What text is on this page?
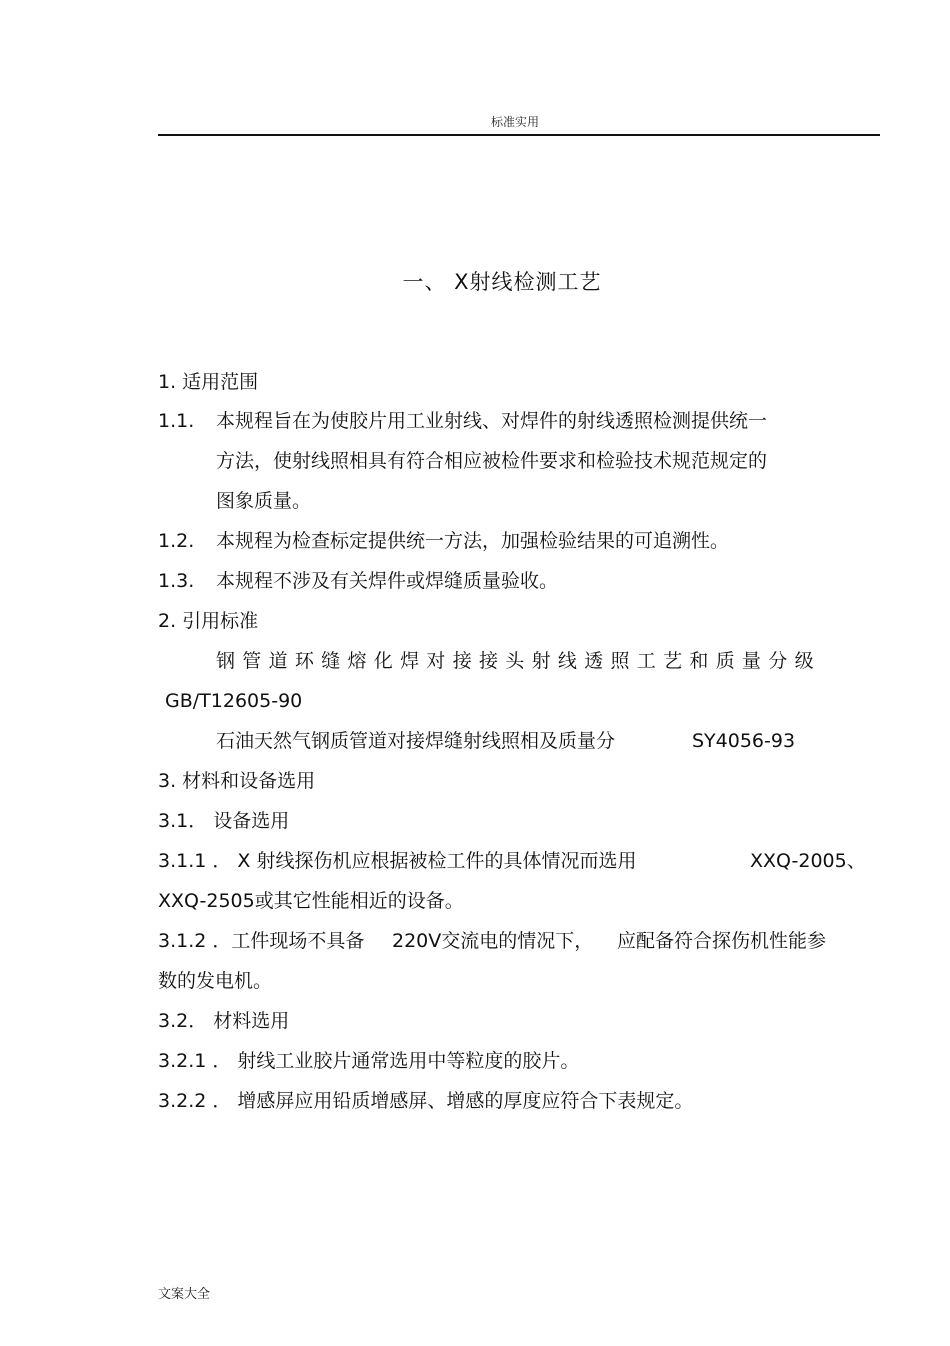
标准实用
一、 X射线检测工艺
1. 适用范围
1.1. 本规程旨在为使胶片用工业射线、对焊件的射线透照检测提供统一
方法，使射线照相具有符合相应被检件要求和检验技术规范规定的
图象质量。
1.2. 本规程为检查标定提供统一方法，加强检验结果的可追溯性。
1.3. 本规程不涉及有关焊件或焊缝质量验收。
2. 引用标准
钢管道环缝熔化焊对接接头射线透照工艺和质量分级
GB/T12605-90
石油天然气钢质管道对接焊缝射线照相及质量分	SY4056-93
3. 材料和设备选用
3.1． 设备选用
3.1.1 ． X 射线探伤机应根据被检工件的具体情况而选用	XXQ-2005、
XXQ-2505或其它性能相近的设备。
3.1.2 ．工件现场不具备 220V交流电的情况下， 应配备符合探伤机性能参
数的发电机。
3.2． 材料选用
3.2.1 ． 射线工业胶片通常选用中等粒度的胶片。
3.2.2 ． 增感屏应用铅质增感屏、增感的厚度应符合下表规定。
文案大全
